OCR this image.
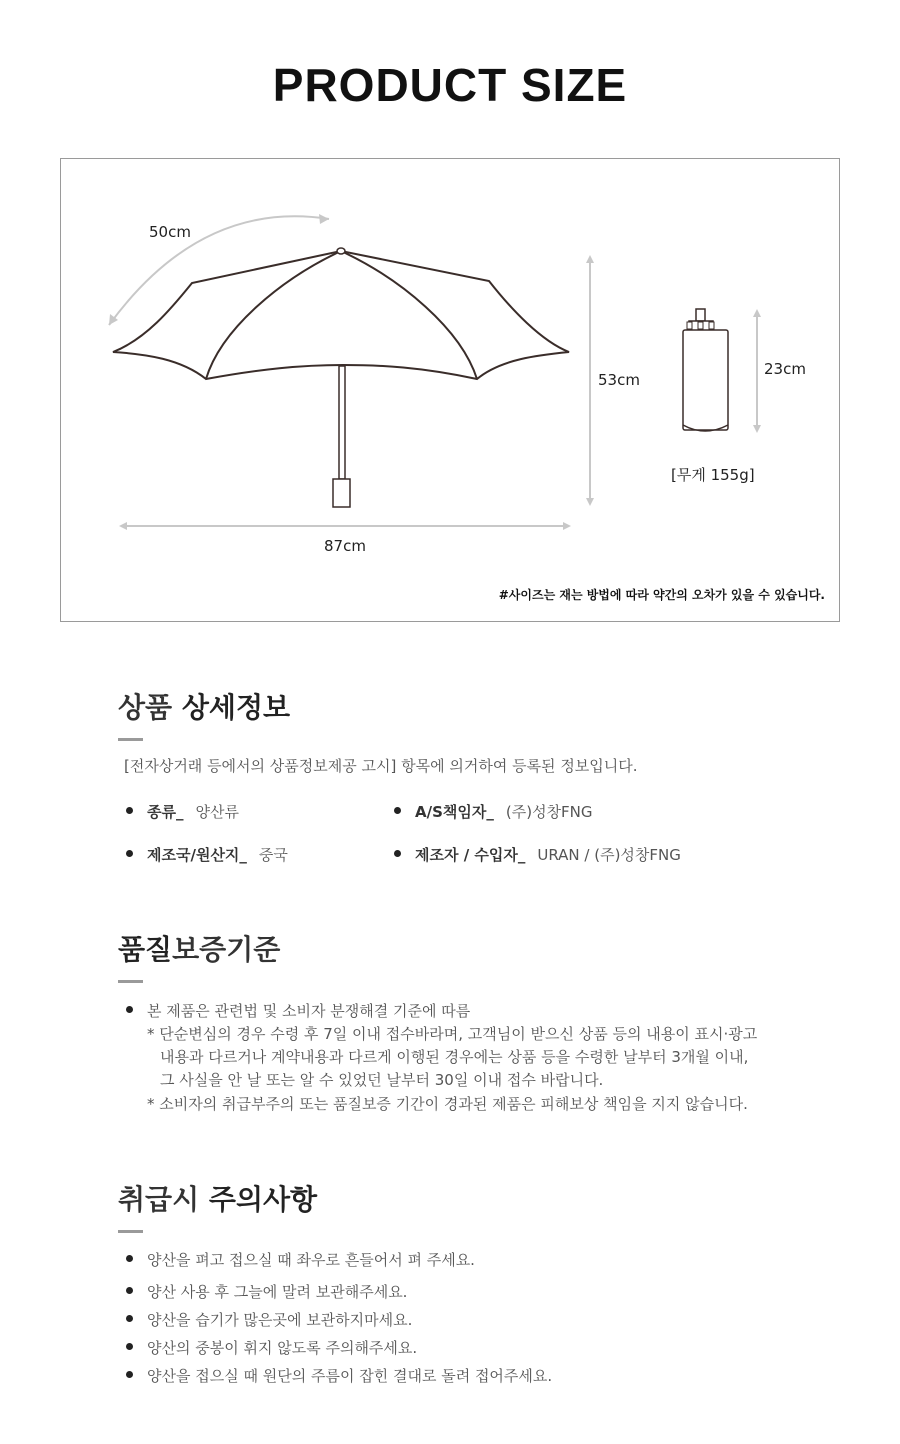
PRODUCT SIZE
50cm
53cm
87cm
23cm
[무게 155g]
#사이즈는 재는 방법에 따라 약간의 오차가 있을 수 있습니다.
상품 상세정보
[전자상거래 등에서의 상품정보제공 고시] 항목에 의거하여 등록된 정보입니다.
종류_ 양산류	A/S책임자_ (주)성창FNG
제조국/원산지_ 중국	제조자 / 수입자_ URAN / (주)성창FNG
품질보증기준
본 제품은 관련법 및 소비자 분쟁해결 기준에 따름
* 단순변심의 경우 수령 후 7일 이내 접수바라며, 고객님이 받으신 상품 등의 내용이 표시·광고
내용과 다르거나 계약내용과 다르게 이행된 경우에는 상품 등을 수령한 날부터 3개월 이내,
그 사실을 안 날 또는 알 수 있었던 날부터 30일 이내 접수 바랍니다.
* 소비자의 취급부주의 또는 품질보증 기간이 경과된 제품은 피해보상 책임을 지지 않습니다.
취급시 주의사항
양산을 펴고 접으실 때 좌우로 흔들어서 펴 주세요.
양산 사용 후 그늘에 말려 보관해주세요.
양산을 습기가 많은곳에 보관하지마세요.
양산의 중봉이 휘지 않도록 주의해주세요.
양산을 접으실 때 원단의 주름이 잡힌 결대로 돌려 접어주세요.
